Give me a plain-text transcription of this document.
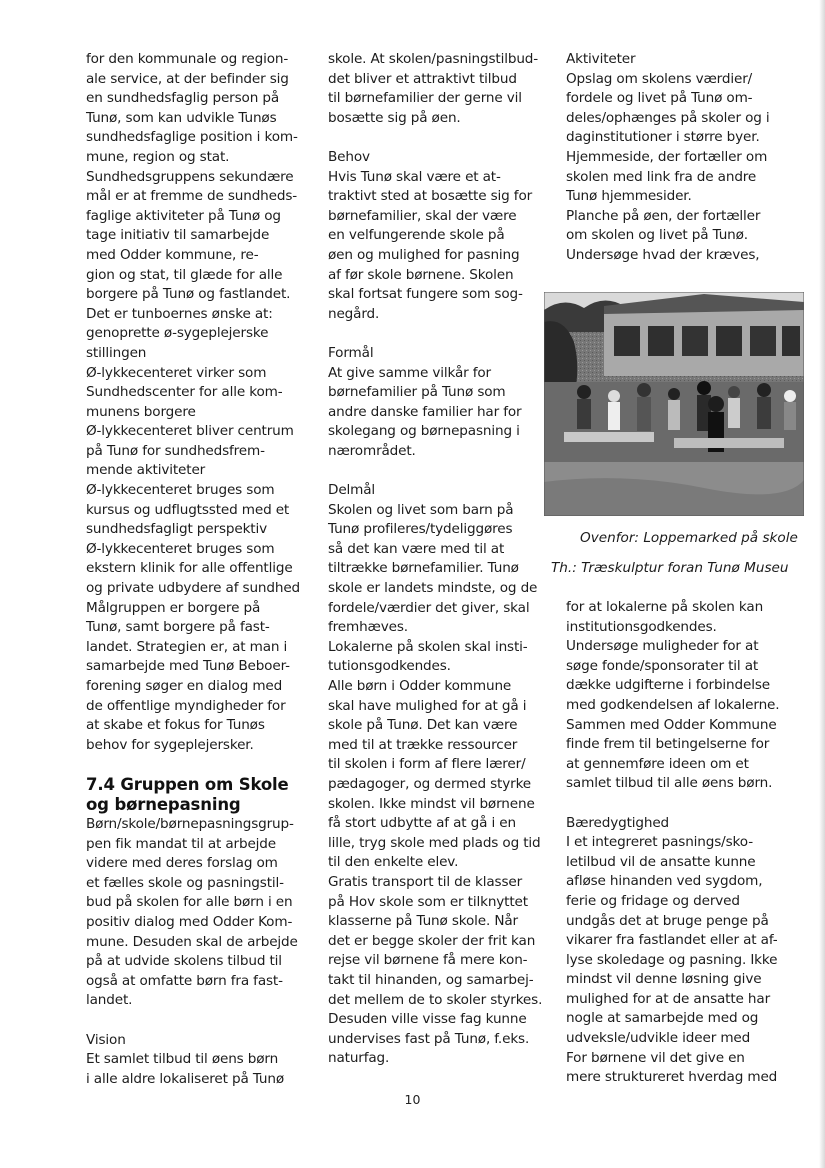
for den kommunale og region-
ale service, at der befinder sig
en sundhedsfaglig person på
Tunø, som kan udvikle Tunøs
sundhedsfaglige position i kom-
mune, region og stat.
Sundhedsgruppens sekundære
mål er at fremme de sundheds-
faglige aktiviteter på Tunø og
tage initiativ til samarbejde
med Odder kommune, re-
gion og stat, til glæde for alle
borgere på Tunø og fastlandet.
Det er tunboernes ønske at:
genoprette ø-sygeplejerske
stillingen
Ø-lykkecenteret virker som
Sundhedscenter for alle kom-
munens borgere
Ø-lykkecenteret bliver centrum
på Tunø for sundhedsfrem-
mende aktiviteter
Ø-lykkecenteret bruges som
kursus og udflugtssted med et
sundhedsfagligt perspektiv
Ø-lykkecenteret bruges som
ekstern klinik for alle offentlige
og private udbydere af sundhed
Målgruppen er borgere på
Tunø, samt borgere på fast-
landet. Strategien er, at man i
samarbejde med Tunø Beboer-
forening søger en dialog med
de offentlige myndigheder for
at skabe et fokus for Tunøs
behov for sygeplejersker.
7.4 Gruppen om Skole
og børnepasning
Børn/skole/børnepasningsgrup-
pen fik mandat til at arbejde
videre med deres forslag om
et fælles skole og pasningstil-
bud på skolen for alle børn i en
positiv dialog med Odder Kom-
mune. Desuden skal de arbejde
på at udvide skolens tilbud til
også at omfatte børn fra fast-
landet.
Vision
Et samlet tilbud til øens børn
i alle aldre lokaliseret på Tunø
skole. At skolen/pasningstilbud-
det bliver et attraktivt tilbud
til børnefamilier der gerne vil
bosætte sig på øen.
Behov
Hvis Tunø skal være et at-
traktivt sted at bosætte sig for
børnefamilier, skal der være
en velfungerende skole på
øen og mulighed for pasning
af før skole børnene. Skolen
skal fortsat fungere som sog-
negård.
Formål
At give samme vilkår for
børnefamilier på Tunø som
andre danske familier har for
skolegang og børnepasning i
nærområdet.
Delmål
Skolen og livet som barn på
Tunø profileres/tydeliggøres
så det kan være med til at
tiltrække børnefamilier. Tunø
skole er landets mindste, og de
fordele/værdier det giver, skal
fremhæves.
Lokalerne på skolen skal insti-
tutionsgodkendes.
Alle børn i Odder kommune
skal have mulighed for at gå i
skole på Tunø. Det kan være
med til at trække ressourcer
til skolen i form af flere lærer/
pædagoger, og dermed styrke
skolen. Ikke mindst vil børnene
få stort udbytte af at gå i en
lille, tryg skole med plads og tid
til den enkelte elev.
Gratis transport til de klasser
på Hov skole som er tilknyttet
klasserne på Tunø skole. Når
det er begge skoler der frit kan
rejse vil børnene få mere kon-
takt til hinanden, og samarbej-
det mellem de to skoler styrkes.
Desuden ville visse fag kunne
undervises fast på Tunø, f.eks.
naturfag.
Aktiviteter
Opslag om skolens værdier/
fordele og livet på Tunø om-
deles/ophænges på skoler og i
daginstitutioner i større byer.
Hjemmeside, der fortæller om
skolen med link fra de andre
Tunø hjemmesider.
Planche på øen, der fortæller
om skolen og livet på Tunø.
Undersøge hvad der kræves,
Ovenfor: Loppemarked på skole
Th.: Træskulptur foran Tunø Museu
for at lokalerne på skolen kan
institutionsgodkendes.
Undersøge muligheder for at
søge fonde/sponsorater til at
dække udgifterne i forbindelse
med godkendelsen af lokalerne.
Sammen med Odder Kommune
finde frem til betingelserne for
at gennemføre ideen om et
samlet tilbud til alle øens børn.
Bæredygtighed
I et integreret pasnings/sko-
letilbud vil de ansatte kunne
afløse hinanden ved sygdom,
ferie og fridage og derved
undgås det at bruge penge på
vikarer fra fastlandet eller at af-
lyse skoledage og pasning. Ikke
mindst vil denne løsning give
mulighed for at de ansatte har
nogle at samarbejde med og
udveksle/udvikle ideer med
For børnene vil det give en
mere struktureret hverdag med
10
